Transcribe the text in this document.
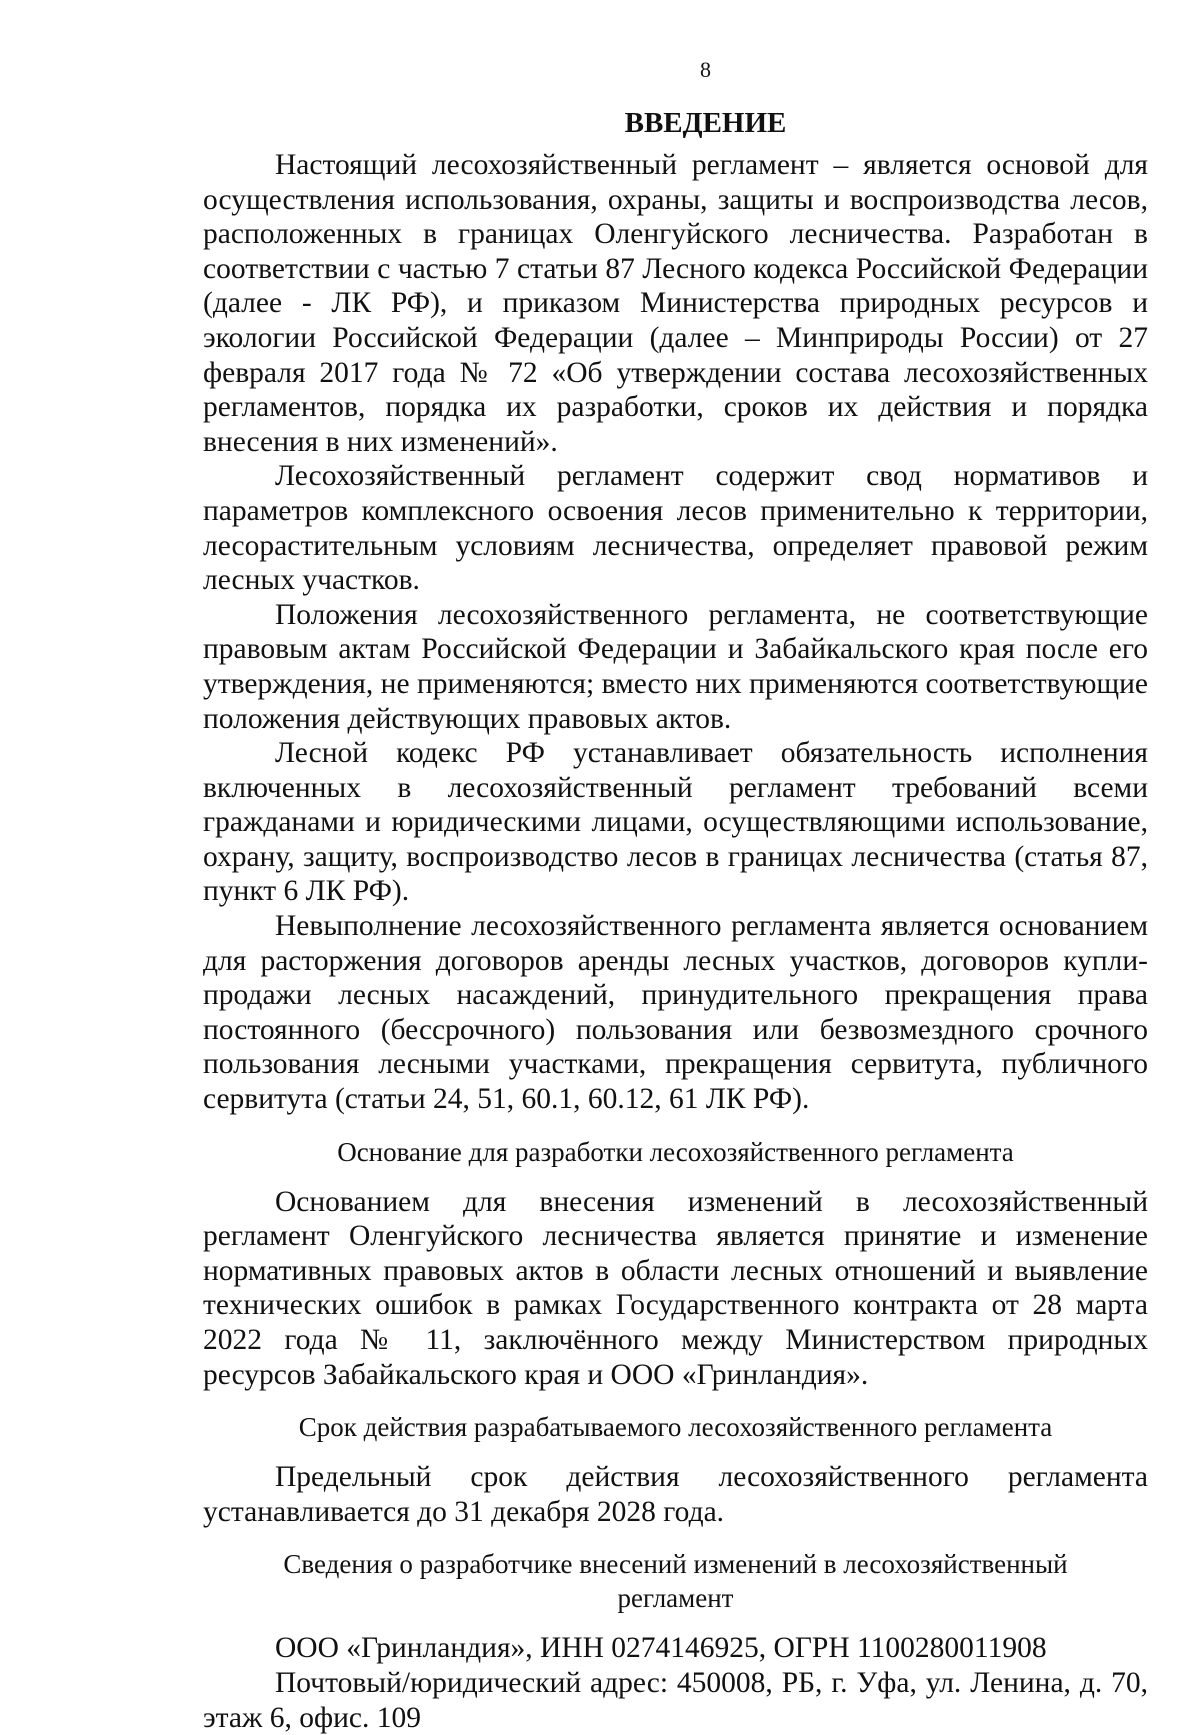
8
ВВЕДЕНИЕ

Настоящий лесохозяйственный регламент – является основой для осуществления использования, охраны, защиты и воспроизводства лесов, расположенных в границах Оленгуйского лесничества. Разработан в соответствии с частью 7 статьи 87 Лесного кодекса Российской Федерации (далее - ЛК РФ), и приказом Министерства природных ресурсов и экологии Российской Федерации (далее – Минприроды России) от 27 февраля 2017 года № 72 «Об утверждении состава лесохозяйственных регламентов, порядка их разработки, сроков их действия и порядка внесения в них изменений».

Лесохозяйственный регламент содержит свод нормативов и параметров комплексного освоения лесов применительно к территории, лесорастительным условиям лесничества, определяет правовой режим лесных участков.

Положения лесохозяйственного регламента, не соответствующие правовым актам Российской Федерации и Забайкальского края после его утверждения, не применяются; вместо них применяются соответствующие положения действующих правовых актов.

Лесной кодекс РФ устанавливает обязательность исполнения включенных в лесохозяйственный регламент требований всеми гражданами и юридическими лицами, осуществляющими использование, охрану, защиту, воспроизводство лесов в границах лесничества (статья 87, пункт 6 ЛК РФ).

Невыполнение лесохозяйственного регламента является основанием для расторжения договоров аренды лесных участков, договоров купли-продажи лесных насаждений, принудительного прекращения права постоянного (бессрочного) пользования или безвозмездного срочного пользования лесными участками, прекращения сервитута, публичного сервитута (статьи 24, 51, 60.1, 60.12, 61 ЛК РФ).

Основание для разработки лесохозяйственного регламента

Основанием для внесения изменений в лесохозяйственный регламент Оленгуйского лесничества является принятие и изменение нормативных правовых актов в области лесных отношений и выявление технических ошибок в рамках Государственного контракта от 28 марта 2022 года № 11, заключённого между Министерством природных ресурсов Забайкальского края и ООО «Гринландия».

Срок действия разрабатываемого лесохозяйственного регламента

Предельный срок действия лесохозяйственного регламента устанавливается до 31 декабря 2028 года.

Сведения о разработчике внесений изменений в лесохозяйственный регламент

ООО «Гринландия», ИНН 0274146925, ОГРН 1100280011908

Почтовый/юридический адрес: 450008, РБ, г. Уфа, ул. Ленина, д. 70, этаж 6, офис. 109
